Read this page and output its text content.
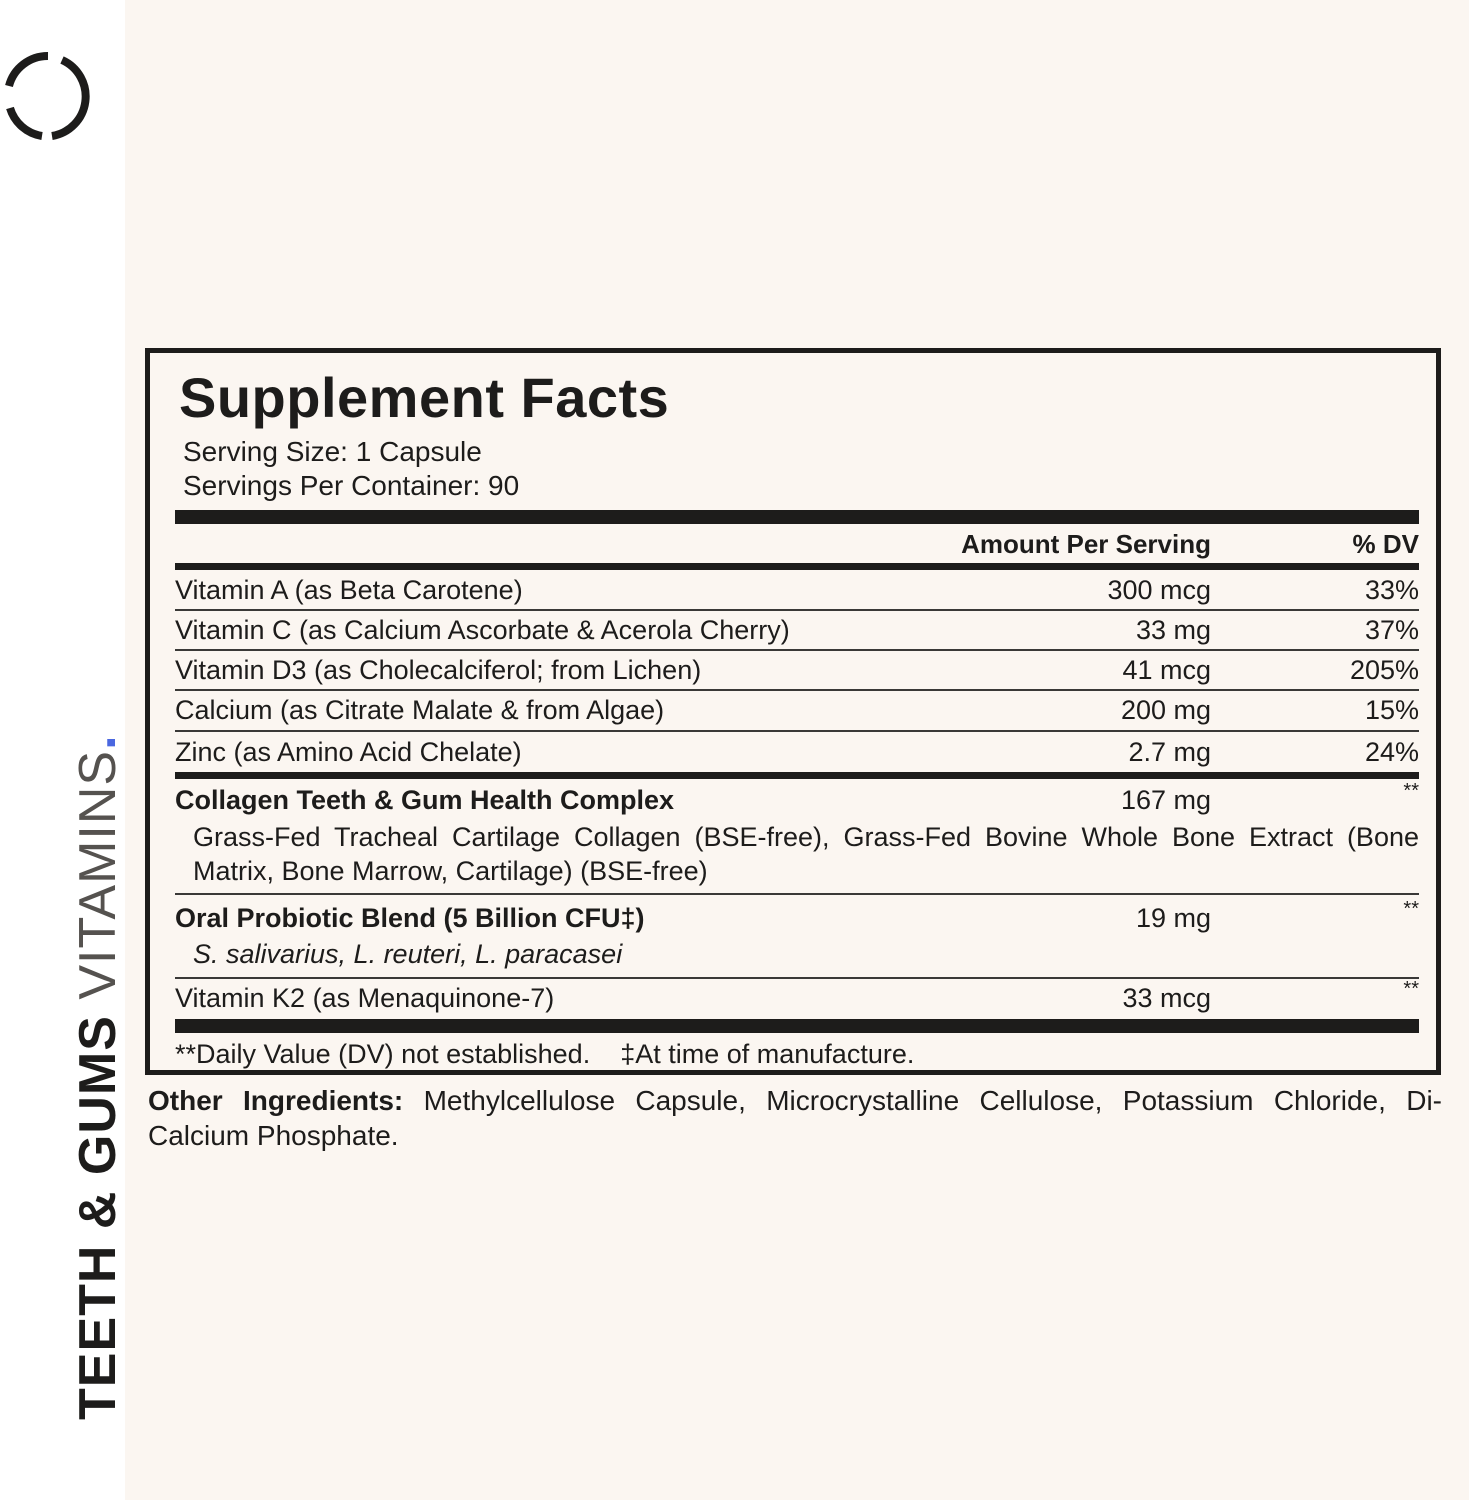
TEETH & GUMS VITAMINS.
Supplement Facts
Serving Size: 1 Capsule
Servings Per Container: 90
Amount Per Serving	% DV
Vitamin A (as Beta Carotene)	300 mcg	33%
Vitamin C (as Calcium Ascorbate & Acerola Cherry)	33 mg	37%
Vitamin D3 (as Cholecalciferol; from Lichen)	41 mcg	205%
Calcium (as Citrate Malate & from Algae)	200 mg	15%
Zinc (as Amino Acid Chelate)	2.7 mg	24%
Collagen Teeth & Gum Health Complex	167 mg	**
Grass-Fed Tracheal Cartilage Collagen (BSE-free), Grass-Fed Bovine Whole Bone Extract (Bone Matrix, Bone Marrow, Cartilage) (BSE-free)
Oral Probiotic Blend (5 Billion CFU‡)	19 mg	**
S. salivarius, L. reuteri, L. paracasei
Vitamin K2 (as Menaquinone-7)	33 mcg	**
**Daily Value (DV) not established.    ‡At time of manufacture.
Other Ingredients: Methylcellulose Capsule, Microcrystalline Cellulose, Potassium Chloride, Di-Calcium Phosphate.
